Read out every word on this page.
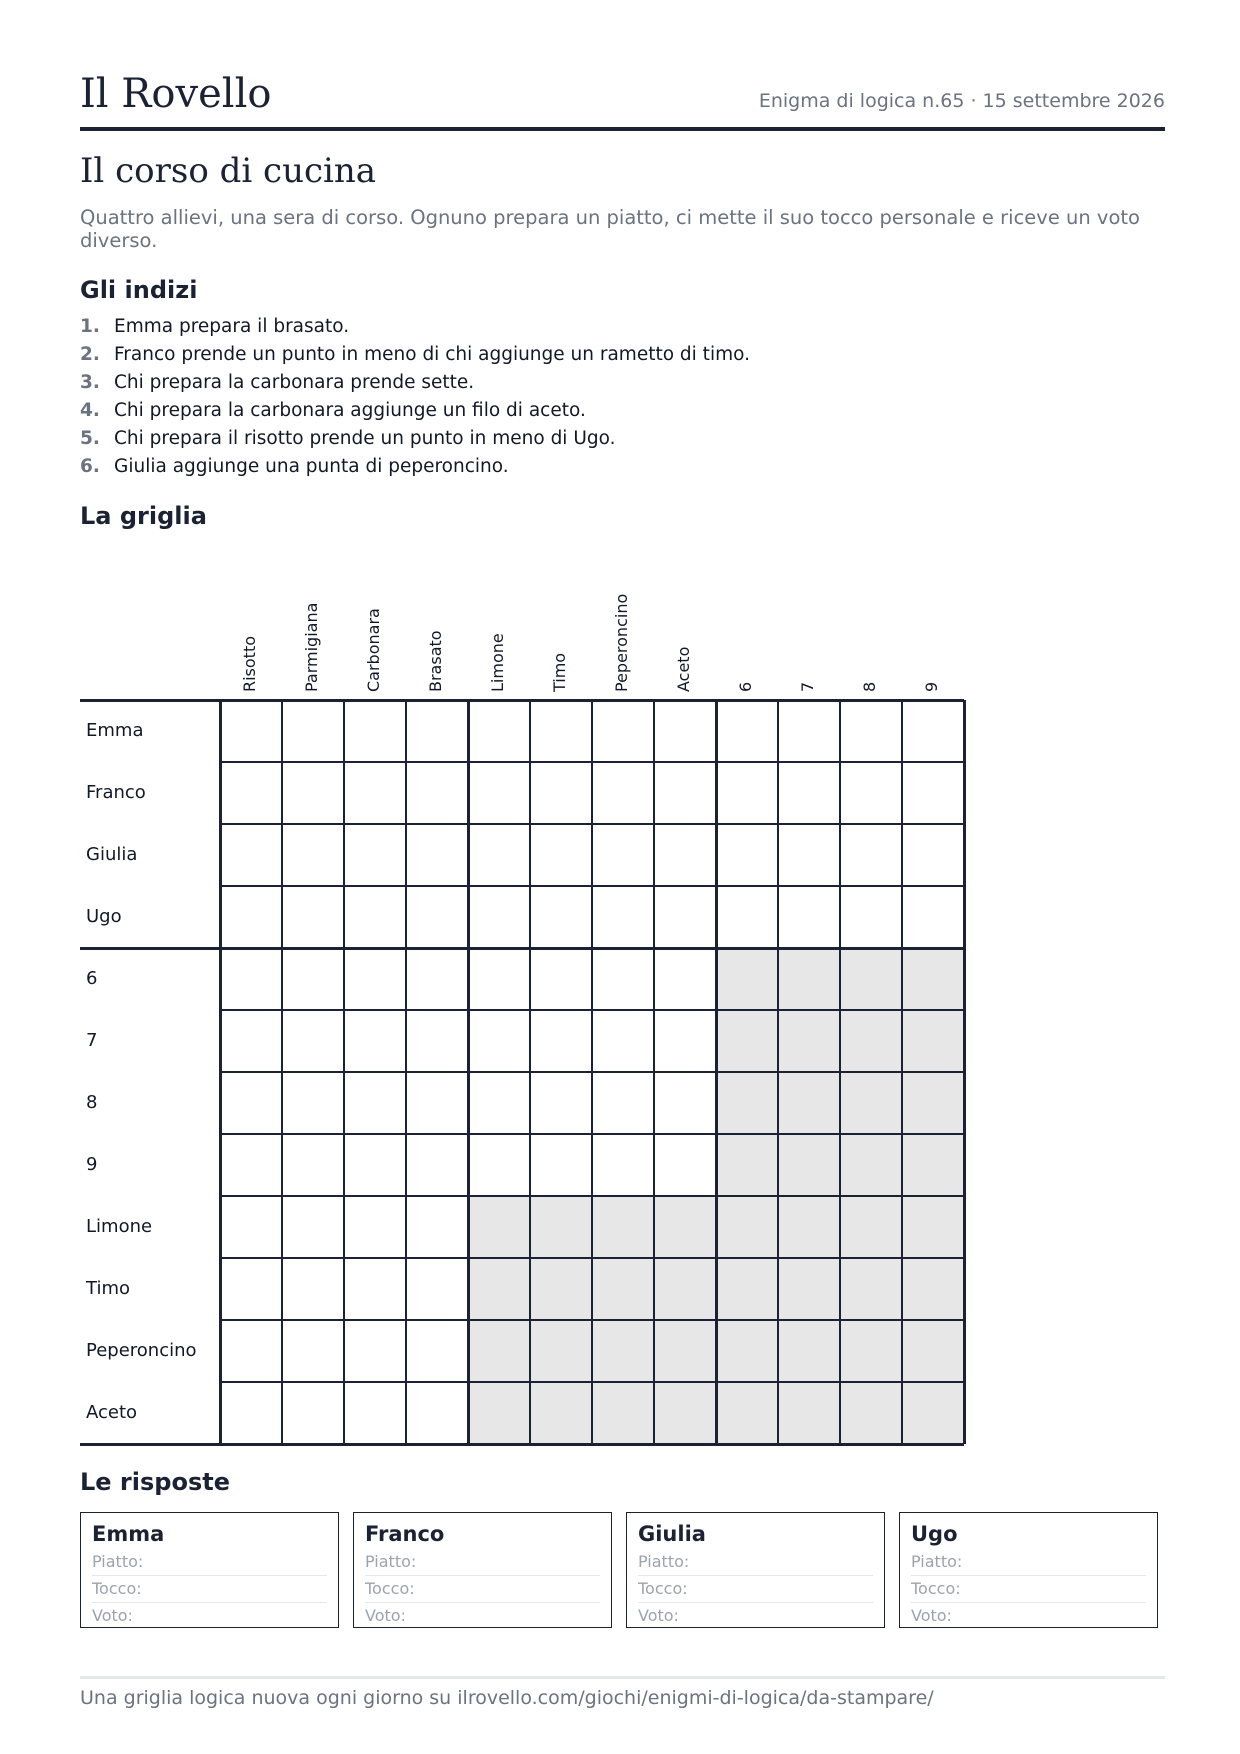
Il Rovello	Enigma di logica n.65 · 15 settembre 2026
Il corso di cucina
Quattro allievi, una sera di corso. Ognuno prepara un piatto, ci mette il suo tocco personale e riceve un voto diverso.
Gli indizi
1. Emma prepara il brasato.
2. Franco prende un punto in meno di chi aggiunge un rametto di timo.
3. Chi prepara la carbonara prende sette.
4. Chi prepara la carbonara aggiunge un filo di aceto.
5. Chi prepara il risotto prende un punto in meno di Ugo.
6. Giulia aggiunge una punta di peperoncino.
La griglia
Risotto	Parmigiana	Carbonara	Brasato	Limone	Timo	Peperoncino	Aceto	6	7	8	9
Emma
Franco
Giulia
Ugo
6
7
8
9
Limone
Timo
Peperoncino
Aceto
Le risposte
Emma
Piatto:
Tocco:
Voto:
Franco
Piatto:
Tocco:
Voto:
Giulia
Piatto:
Tocco:
Voto:
Ugo
Piatto:
Tocco:
Voto:
Una griglia logica nuova ogni giorno su ilrovello.com/giochi/enigmi-di-logica/da-stampare/
